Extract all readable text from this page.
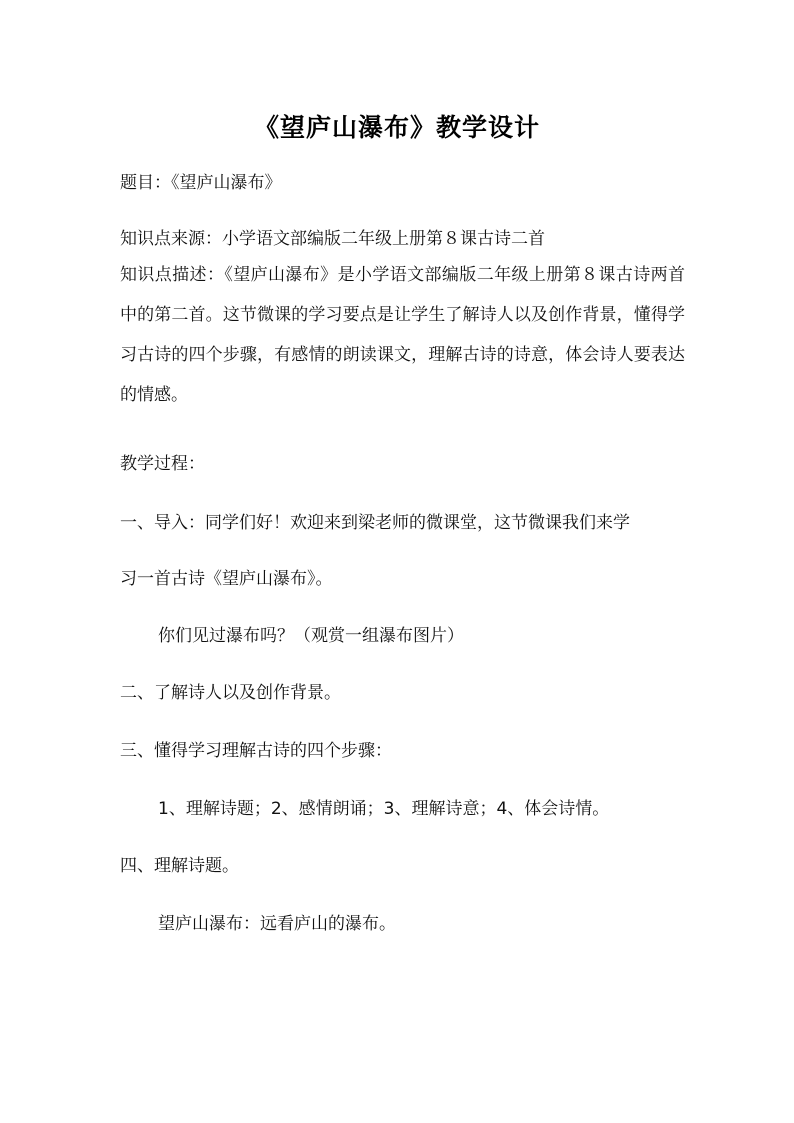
《望庐山瀑布》教学设计
题目：《望庐山瀑布》
知识点来源：小学语文部编版二年级上册第８课古诗二首
知识点描述：《望庐山瀑布》是小学语文部编版二年级上册第８课古诗两首中的第二首。这节微课的学习要点是让学生了解诗人以及创作背景，懂得学习古诗的四个步骤，有感情的朗读课文，理解古诗的诗意，体会诗人要表达的情感。
教学过程：
一、导入：同学们好！欢迎来到梁老师的微课堂，这节微课我们来学
习一首古诗《望庐山瀑布》。
你们见过瀑布吗？（观赏一组瀑布图片）
二、了解诗人以及创作背景。
三、懂得学习理解古诗的四个步骤：
1、理解诗题；2、感情朗诵；3、理解诗意；4、体会诗情。
四、理解诗题。
望庐山瀑布：远看庐山的瀑布。
